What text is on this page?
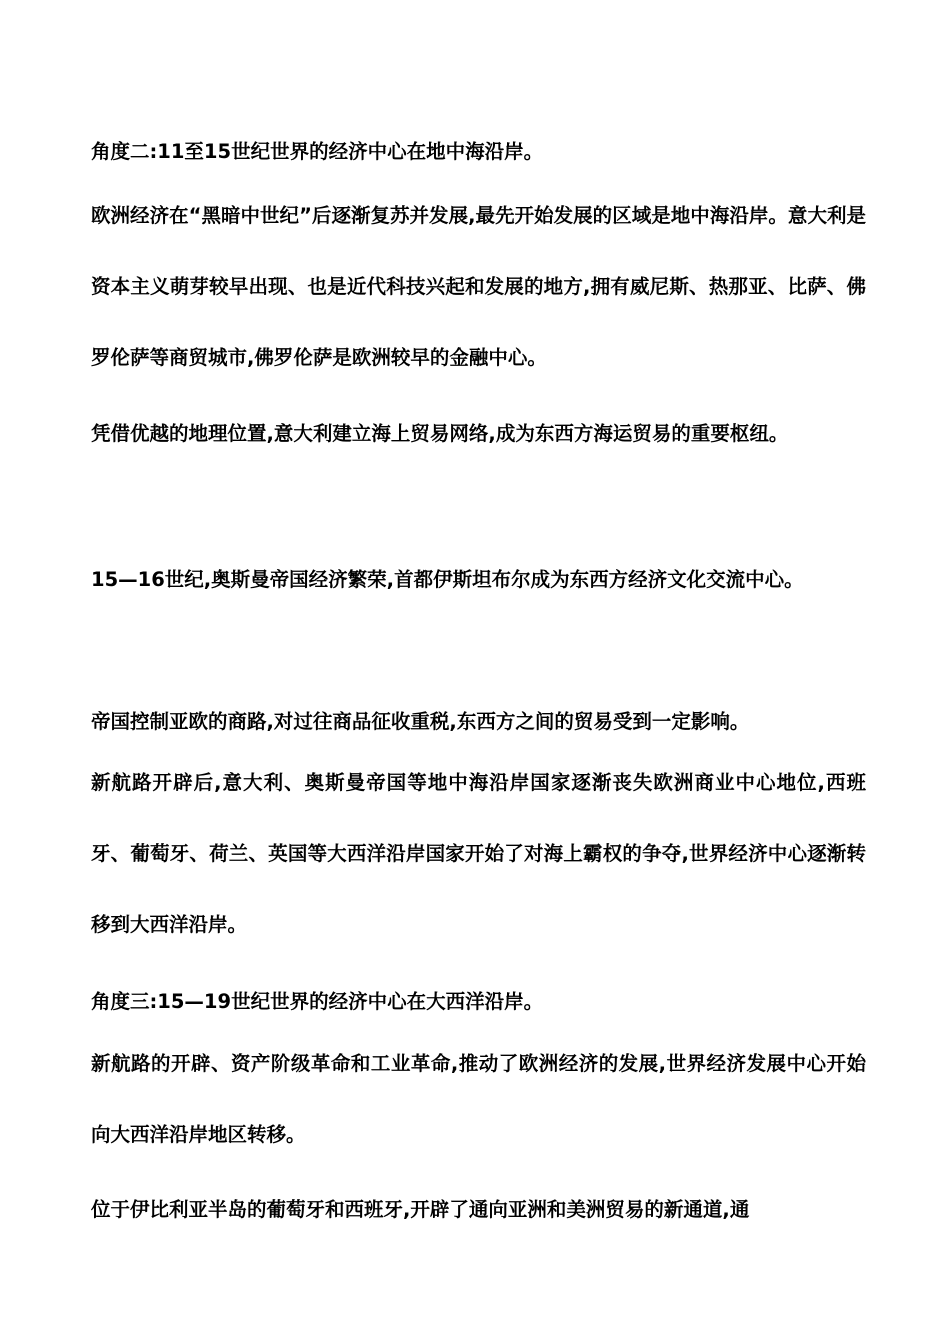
角度二:11至15世纪世界的经济中心在地中海沿岸。

欧洲经济在“黑暗中世纪”后逐渐复苏并发展,最先开始发展的区域是地中海沿岸。意大利是资本主义萌芽较早出现、也是近代科技兴起和发展的地方,拥有威尼斯、热那亚、比萨、佛罗伦萨等商贸城市,佛罗伦萨是欧洲较早的金融中心。

凭借优越的地理位置,意大利建立海上贸易网络,成为东西方海运贸易的重要枢纽。

15—16世纪,奥斯曼帝国经济繁荣,首都伊斯坦布尔成为东西方经济文化交流中心。

帝国控制亚欧的商路,对过往商品征收重税,东西方之间的贸易受到一定影响。

新航路开辟后,意大利、奥斯曼帝国等地中海沿岸国家逐渐丧失欧洲商业中心地位,西班牙、葡萄牙、荷兰、英国等大西洋沿岸国家开始了对海上霸权的争夺,世界经济中心逐渐转移到大西洋沿岸。

角度三:15—19世纪世界的经济中心在大西洋沿岸。

新航路的开辟、资产阶级革命和工业革命,推动了欧洲经济的发展,世界经济发展中心开始向大西洋沿岸地区转移。

位于伊比利亚半岛的葡萄牙和西班牙,开辟了通向亚洲和美洲贸易的新通道,通
